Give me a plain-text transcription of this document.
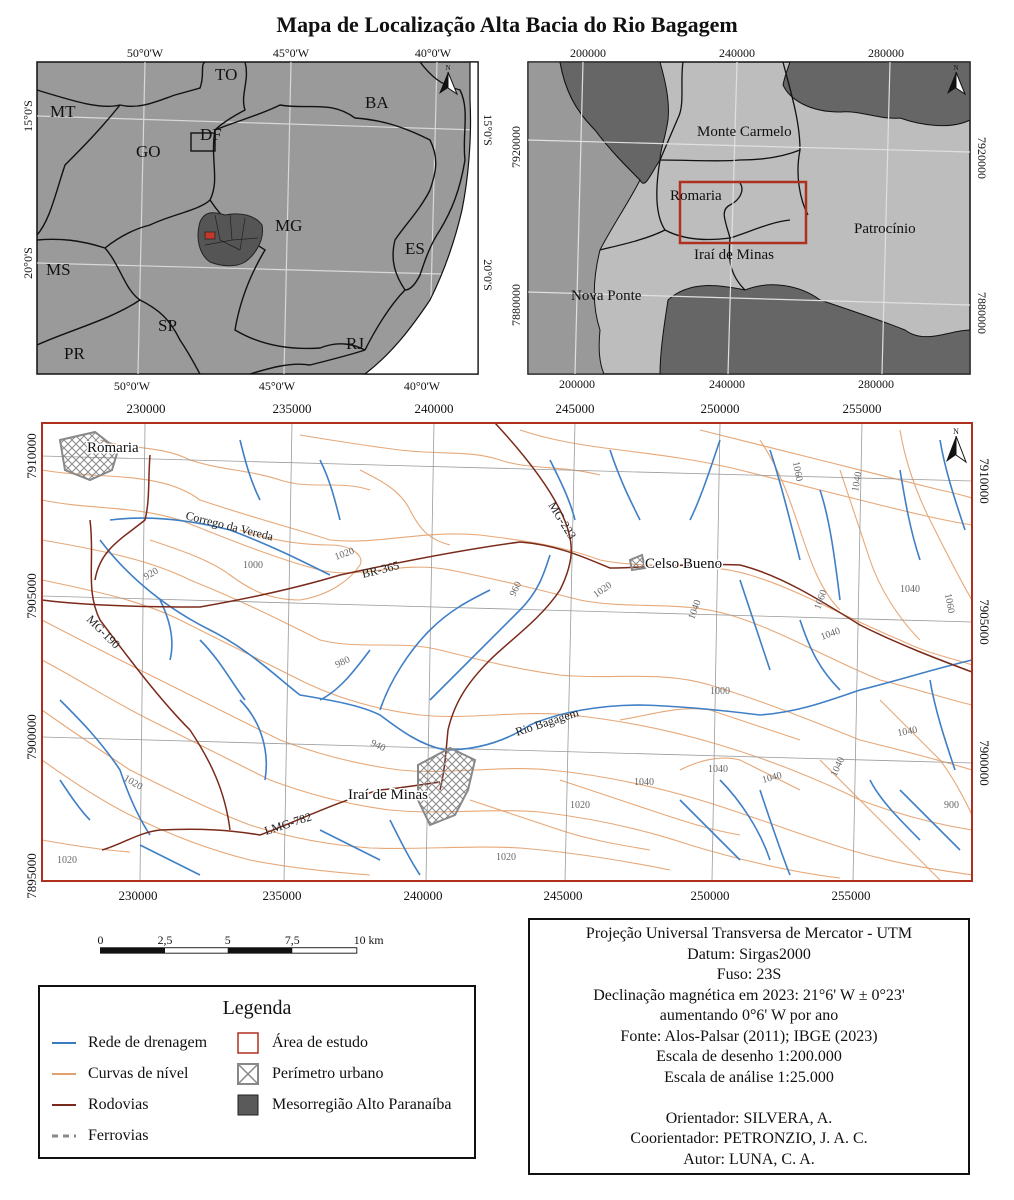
Mapa de Localização Alta Bacia do Rio Bagagem
N
TO
BA
MT
DF
GO
MG
ES
MS
SP
RJ
PR
50°0'W	45°0'W	40°0'W
50°0'W	45°0'W	40°0'W
15°0'S
20°0'S
15°0'S
20°0'S
N
Monte Carmelo
Romaria
Patrocínio
Iraí de Minas
Nova Ponte
200000	240000	280000
200000	240000	280000
7920000
7880000
7920000
7880000
N
Romaria
Celso Bueno
Iraí de Minas
MG-223
BR-365
MG-190
LMG-782
Corrego da Vereda
Rio Bagagem
1020
1000
920
980
960	1020
940
1040	1060
1040
1000
1020
1040
1040
1040
1020
1040
1060
1040
1040
900
1020	1020
1040
1060
230000	235000	240000	245000	250000	255000
230000	235000	240000	245000	250000	255000
7910000
7905000
7900000
7895000
7910000
7905000
7900000
0	2,5	5	7,5	10 km
Legenda
Rede de drenagem
Curvas de nível
Rodovias
Ferrovias
Área de estudo
Perímetro urbano
Mesorregião Alto Paranaíba
Projeção Universal Transversa de Mercator - UTM
Datum: Sirgas2000
Fuso: 23S
Declinação magnética em 2023: 21°6' W ± 0°23'
aumentando 0°6' W por ano
Fonte: Alos-Palsar (2011); IBGE (2023)
Escala de desenho 1:200.000
Escala de análise 1:25.000
Orientador: SILVERA, A.
Coorientador: PETRONZIO, J. A. C.
Autor: LUNA, C. A.
